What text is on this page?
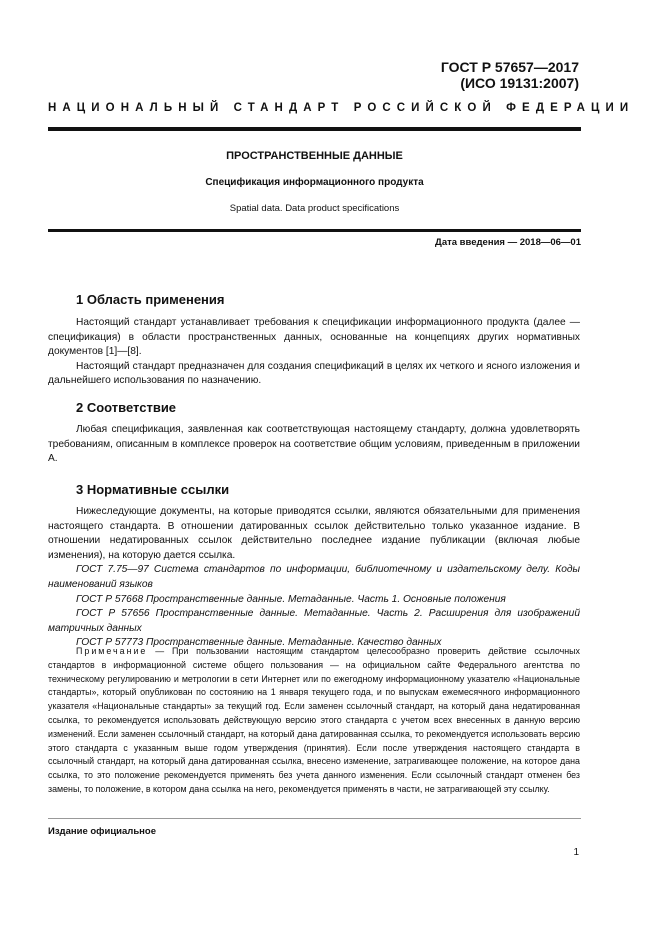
ГОСТ Р 57657—2017
(ИСО 19131:2007)
НАЦИОНАЛЬНЫЙ СТАНДАРТ РОССИЙСКОЙ ФЕДЕРАЦИИ
ПРОСТРАНСТВЕННЫЕ ДАННЫЕ
Спецификация информационного продукта
Spatial data. Data product specifications
Дата введения — 2018—06—01
1 Область применения
Настоящий стандарт устанавливает требования к спецификации информационного продукта (далее — спецификация) в области пространственных данных, основанные на концепциях других нормативных документов [1]—[8].
Настоящий стандарт предназначен для создания спецификаций в целях их четкого и ясного изложения и дальнейшего использования по назначению.
2 Соответствие
Любая спецификация, заявленная как соответствующая настоящему стандарту, должна удовлетворять требованиям, описанным в комплексе проверок на соответствие общим условиям, приведенным в приложении А.
3 Нормативные ссылки
Нижеследующие документы, на которые приводятся ссылки, являются обязательными для применения настоящего стандарта. В отношении датированных ссылок действительно только указанное издание. В отношении недатированных ссылок действительно последнее издание публикации (включая любые изменения), на которую дается ссылка.
ГОСТ 7.75—97 Система стандартов по информации, библиотечному и издательскому делу. Коды наименований языков
ГОСТ Р 57668 Пространственные данные. Метаданные. Часть 1. Основные положения
ГОСТ Р 57656 Пространственные данные. Метаданные. Часть 2. Расширения для изображений матричных данных
ГОСТ Р 57773 Пространственные данные. Метаданные. Качество данных
Примечание — При пользовании настоящим стандартом целесообразно проверить действие ссылочных стандартов в информационной системе общего пользования — на официальном сайте Федерального агентства по техническому регулированию и метрологии в сети Интернет или по ежегодному информационному указателю «Национальные стандарты», который опубликован по состоянию на 1 января текущего года, и по выпускам ежемесячного информационного указателя «Национальные стандарты» за текущий год. Если заменен ссылочный стандарт, на который дана недатированная ссылка, то рекомендуется использовать действующую версию этого стандарта с учетом всех внесенных в данную версию изменений. Если заменен ссылочный стандарт, на который дана датированная ссылка, то рекомендуется использовать версию этого стандарта с указанным выше годом утверждения (принятия). Если после утверждения настоящего стандарта в ссылочный стандарт, на который дана датированная ссылка, внесено изменение, затрагивающее положение, на которое дана ссылка, то это положение рекомендуется применять без учета данного изменения. Если ссылочный стандарт отменен без замены, то положение, в котором дана ссылка на него, рекомендуется применять в части, не затрагивающей эту ссылку.
Издание официальное
1
